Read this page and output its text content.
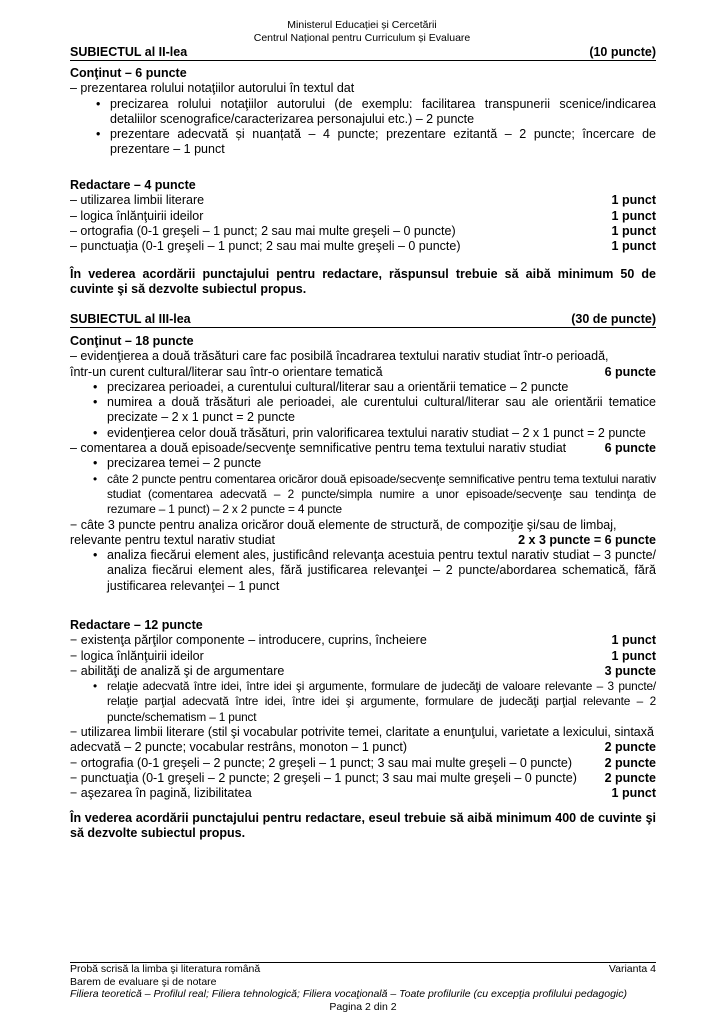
Ministerul Educației și Cercetării
Centrul Național pentru Curriculum și Evaluare
SUBIECTUL al II-lea	(10 puncte)
Conţinut – 6 puncte
– prezentarea rolului notaţiilor autorului în textul dat
• precizarea rolului notaţiilor autorului (de exemplu: facilitarea transpunerii scenice/indicarea detaliilor scenografice/caracterizarea personajului etc.) – 2 puncte
• prezentare adecvată și nuanțată – 4 puncte; prezentare ezitantă – 2 puncte; încercare de prezentare – 1 punct
Redactare – 4 puncte
– utilizarea limbii literare	1 punct
– logica înlănţuirii ideilor	1 punct
– ortografia (0-1 greşeli – 1 punct; 2 sau mai multe greşeli – 0 puncte)	1 punct
– punctuaţia (0-1 greşeli – 1 punct; 2 sau mai multe greşeli – 0 puncte)	1 punct
În vederea acordării punctajului pentru redactare, răspunsul trebuie să aibă minimum 50 de cuvinte şi să dezvolte subiectul propus.
SUBIECTUL al III-lea	(30 de puncte)
Conţinut – 18 puncte
– evidenţierea a două trăsături care fac posibilă încadrarea textului narativ studiat într-o perioadă,
într-un curent cultural/literar sau într-o orientare tematică	6 puncte
• precizarea perioadei, a curentului cultural/literar sau a orientării tematice – 2 puncte
• numirea a două trăsături ale perioadei, ale curentului cultural/literar sau ale orientării tematice precizate – 2 x 1 punct = 2 puncte
• evidenţierea celor două trăsături, prin valorificarea textului narativ studiat – 2 x 1 punct = 2 puncte
– comentarea a două episoade/secvenţe semnificative pentru tema textului narativ studiat	6 puncte
• precizarea temei – 2 puncte
• câte 2 puncte pentru comentarea oricăror două episoade/secvenţe semnificative pentru tema textului narativ studiat (comentarea adecvată – 2 puncte/simpla numire a unor episoade/secvenţe sau tendinţa de rezumare – 1 punct) – 2 x 2 puncte = 4 puncte
− câte 3 puncte pentru analiza oricăror două elemente de structură, de compoziţie şi/sau de limbaj,
relevante pentru textul narativ studiat	2 x 3 puncte = 6 puncte
• analiza fiecărui element ales, justificând relevanţa acestuia pentru textul narativ studiat – 3 puncte/ analiza fiecărui element ales, fără justificarea relevanţei – 2 puncte/abordarea schematică, fără justificarea relevanţei – 1 punct
Redactare – 12 puncte
− existenţa părţilor componente – introducere, cuprins, încheiere	1 punct
− logica înlănţuirii ideilor	1 punct
− abilităţi de analiză şi de argumentare	3 puncte
• relaţie adecvată între idei, între idei şi argumente, formulare de judecăţi de valoare relevante – 3 puncte/ relaţie parţial adecvată între idei, între idei şi argumente, formulare de judecăţi parţial relevante – 2 puncte/schematism – 1 punct
− utilizarea limbii literare (stil şi vocabular potrivite temei, claritate a enunţului, varietate a lexicului, sintaxă
adecvată – 2 puncte; vocabular restrâns, monoton – 1 punct)	2 puncte
− ortografia (0-1 greşeli – 2 puncte; 2 greşeli – 1 punct; 3 sau mai multe greşeli – 0 puncte)	2 puncte
− punctuaţia (0-1 greşeli – 2 puncte; 2 greşeli – 1 punct; 3 sau mai multe greşeli – 0 puncte) 2 puncte
− aşezarea în pagină, lizibilitatea	1 punct
În vederea acordării punctajului pentru redactare, eseul trebuie să aibă minimum 400 de cuvinte şi să dezvolte subiectul propus.
Probă scrisă la limba şi literatura română	Varianta 4
Barem de evaluare şi de notare
Filiera teoretică – Profilul real; Filiera tehnologică; Filiera vocaţională – Toate profilurile (cu excepţia profilului pedagogic)
Pagina 2 din 2
